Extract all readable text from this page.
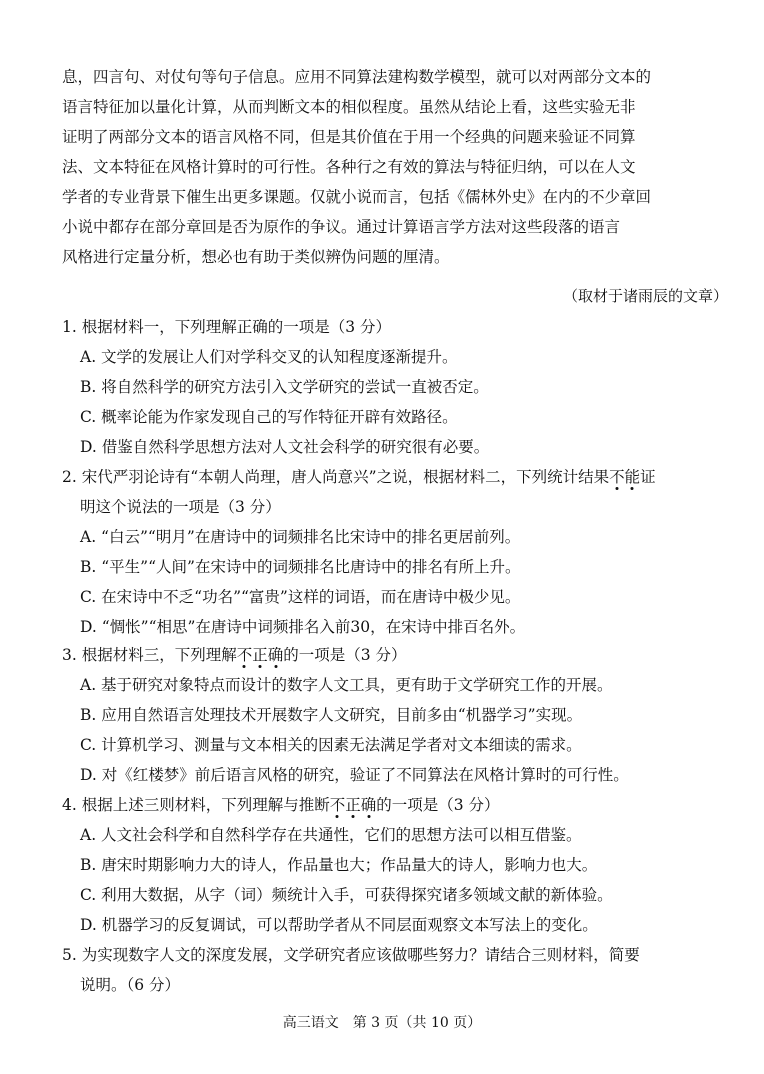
息，四言句、对仗句等句子信息。应用不同算法建构数学模型，就可以对两部分文本的
语言特征加以量化计算，从而判断文本的相似程度。虽然从结论上看，这些实验无非
证明了两部分文本的语言风格不同，但是其价值在于用一个经典的问题来验证不同算
法、文本特征在风格计算时的可行性。各种行之有效的算法与特征归纳，可以在人文
学者的专业背景下催生出更多课题。仅就小说而言，包括《儒林外史》在内的不少章回
小说中都存在部分章回是否为原作的争议。通过计算语言学方法对这些段落的语言
风格进行定量分析，想必也有助于类似辨伪问题的厘清。
（取材于诸雨辰的文章）
1. 根据材料一，下列理解正确的一项是（3 分）
A. 文学的发展让人们对学科交叉的认知程度逐渐提升。
B. 将自然科学的研究方法引入文学研究的尝试一直被否定。
C. 概率论能为作家发现自己的写作特征开辟有效路径。
D. 借鉴自然科学思想方法对人文社会科学的研究很有必要。
2. 宋代严羽论诗有“本朝人尚理，唐人尚意兴”之说，根据材料二，下列统计结果不能证
明这个说法的一项是（3 分）
A. “白云”“明月”在唐诗中的词频排名比宋诗中的排名更居前列。
B. “平生”“人间”在宋诗中的词频排名比唐诗中的排名有所上升。
C. 在宋诗中不乏“功名”“富贵”这样的词语，而在唐诗中极少见。
D. “惆怅”“相思”在唐诗中词频排名入前30，在宋诗中排百名外。
3. 根据材料三，下列理解不正确的一项是（3 分）
A. 基于研究对象特点而设计的数字人文工具，更有助于文学研究工作的开展。
B. 应用自然语言处理技术开展数字人文研究，目前多由“机器学习”实现。
C. 计算机学习、测量与文本相关的因素无法满足学者对文本细读的需求。
D. 对《红楼梦》前后语言风格的研究，验证了不同算法在风格计算时的可行性。
4. 根据上述三则材料，下列理解与推断不正确的一项是（3 分）
A. 人文社会科学和自然科学存在共通性，它们的思想方法可以相互借鉴。
B. 唐宋时期影响力大的诗人，作品量也大；作品量大的诗人，影响力也大。
C. 利用大数据，从字（词）频统计入手，可获得探究诸多领域文献的新体验。
D. 机器学习的反复调试，可以帮助学者从不同层面观察文本写法上的变化。
5. 为实现数字人文的深度发展，文学研究者应该做哪些努力？请结合三则材料，简要
说明。（6 分）
高三语文　第 3 页（共 10 页）
